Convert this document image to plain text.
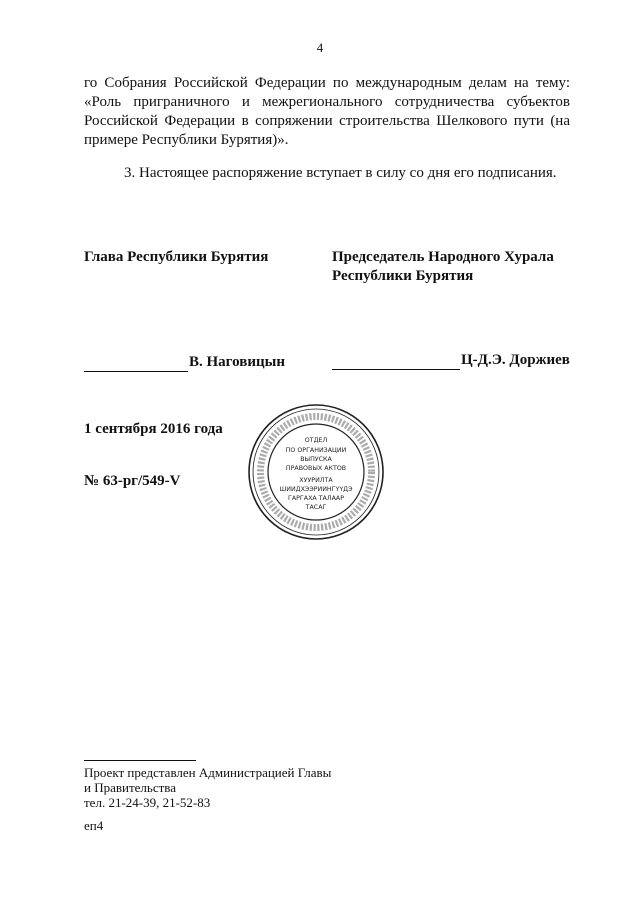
4
го Собрания Российской Федерации по международным делам на тему: «Роль приграничного и межрегионального сотрудничества субъектов Российской Федерации в сопряжении строительства Шелкового пути (на примере Республики Бурятия)».
3. Настоящее распоряжение вступает в силу со дня его подписания.
Глава Республики Бурятия	Председатель Народного Хурала
Республики Бурятия
В. Наговицын	Ц-Д.Э. Доржиев
1 сентября 2016 года
№ 63-рг/549-V
ОТДЕЛ
ПО ОРГАНИЗАЦИИ
ВЫПУСКА
ПРАВОВЫХ АКТОВ
ХУУРИЛТА
ШИИДХЭЭРИИНГҮҮДЭ
ГАРГАХА ТАЛААР
ТАСАГ
Проект представлен Администрацией Главы
и Правительства
тел. 21-24-39, 21-52-83
еп4
